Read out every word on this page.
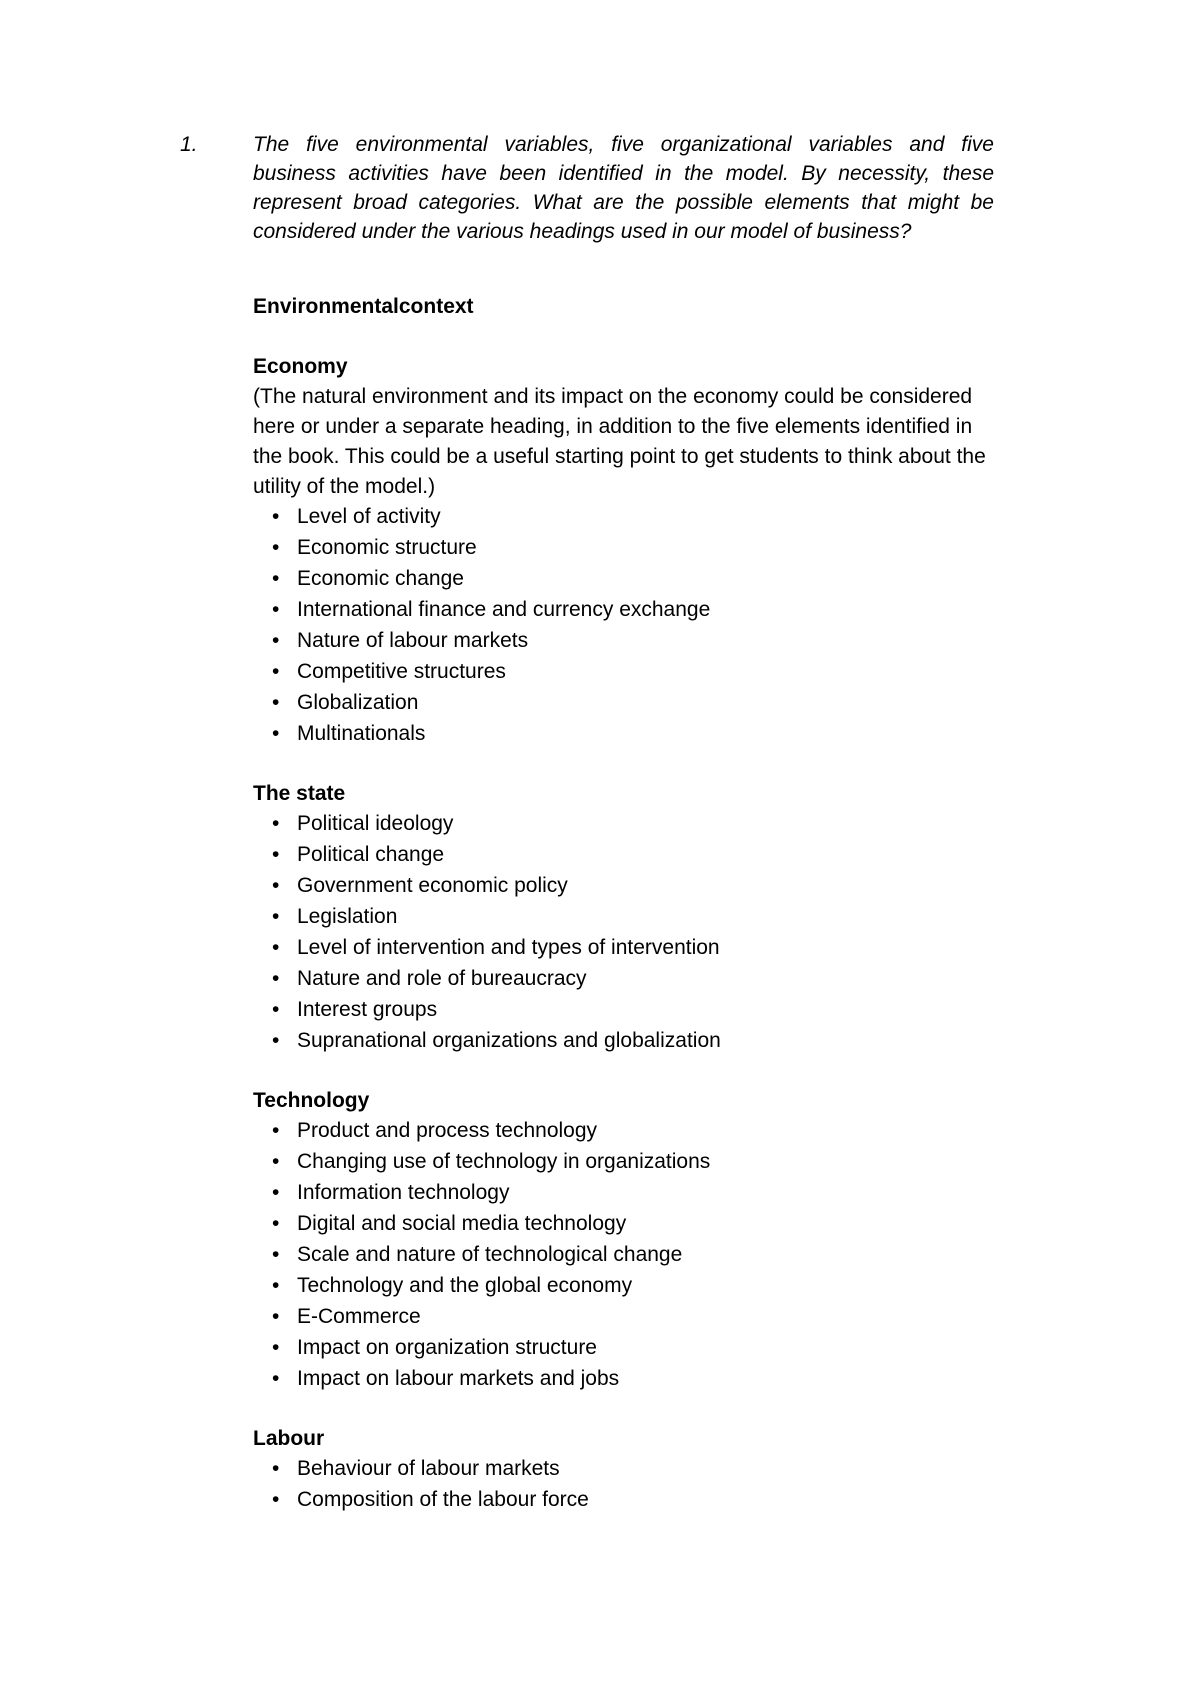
1.	The five environmental variables, five organizational variables and five business activities have been identified in the model. By necessity, these represent broad categories. What are the possible elements that might be considered under the various headings used in our model of business?

Environmentalcontext
Economy

(The natural environment and its impact on the economy could be considered here or under a separate heading, in addition to the five elements identified in the book. This could be a useful starting point to get students to think about the utility of the model.)

• Level of activity
• Economic structure
• Economic change
• International finance and currency exchange
• Nature of labour markets
• Competitive structures
• Globalization
• Multinationals
The state
• Political ideology
• Political change
• Government economic policy
• Legislation
• Level of intervention and types of intervention
• Nature and role of bureaucracy
• Interest groups
• Supranational organizations and globalization
Technology
• Product and process technology
• Changing use of technology in organizations
• Information technology
• Digital and social media technology
• Scale and nature of technological change
• Technology and the global economy
• E-Commerce
• Impact on organization structure
• Impact on labour markets and jobs
Labour
• Behaviour of labour markets
• Composition of the labour force
